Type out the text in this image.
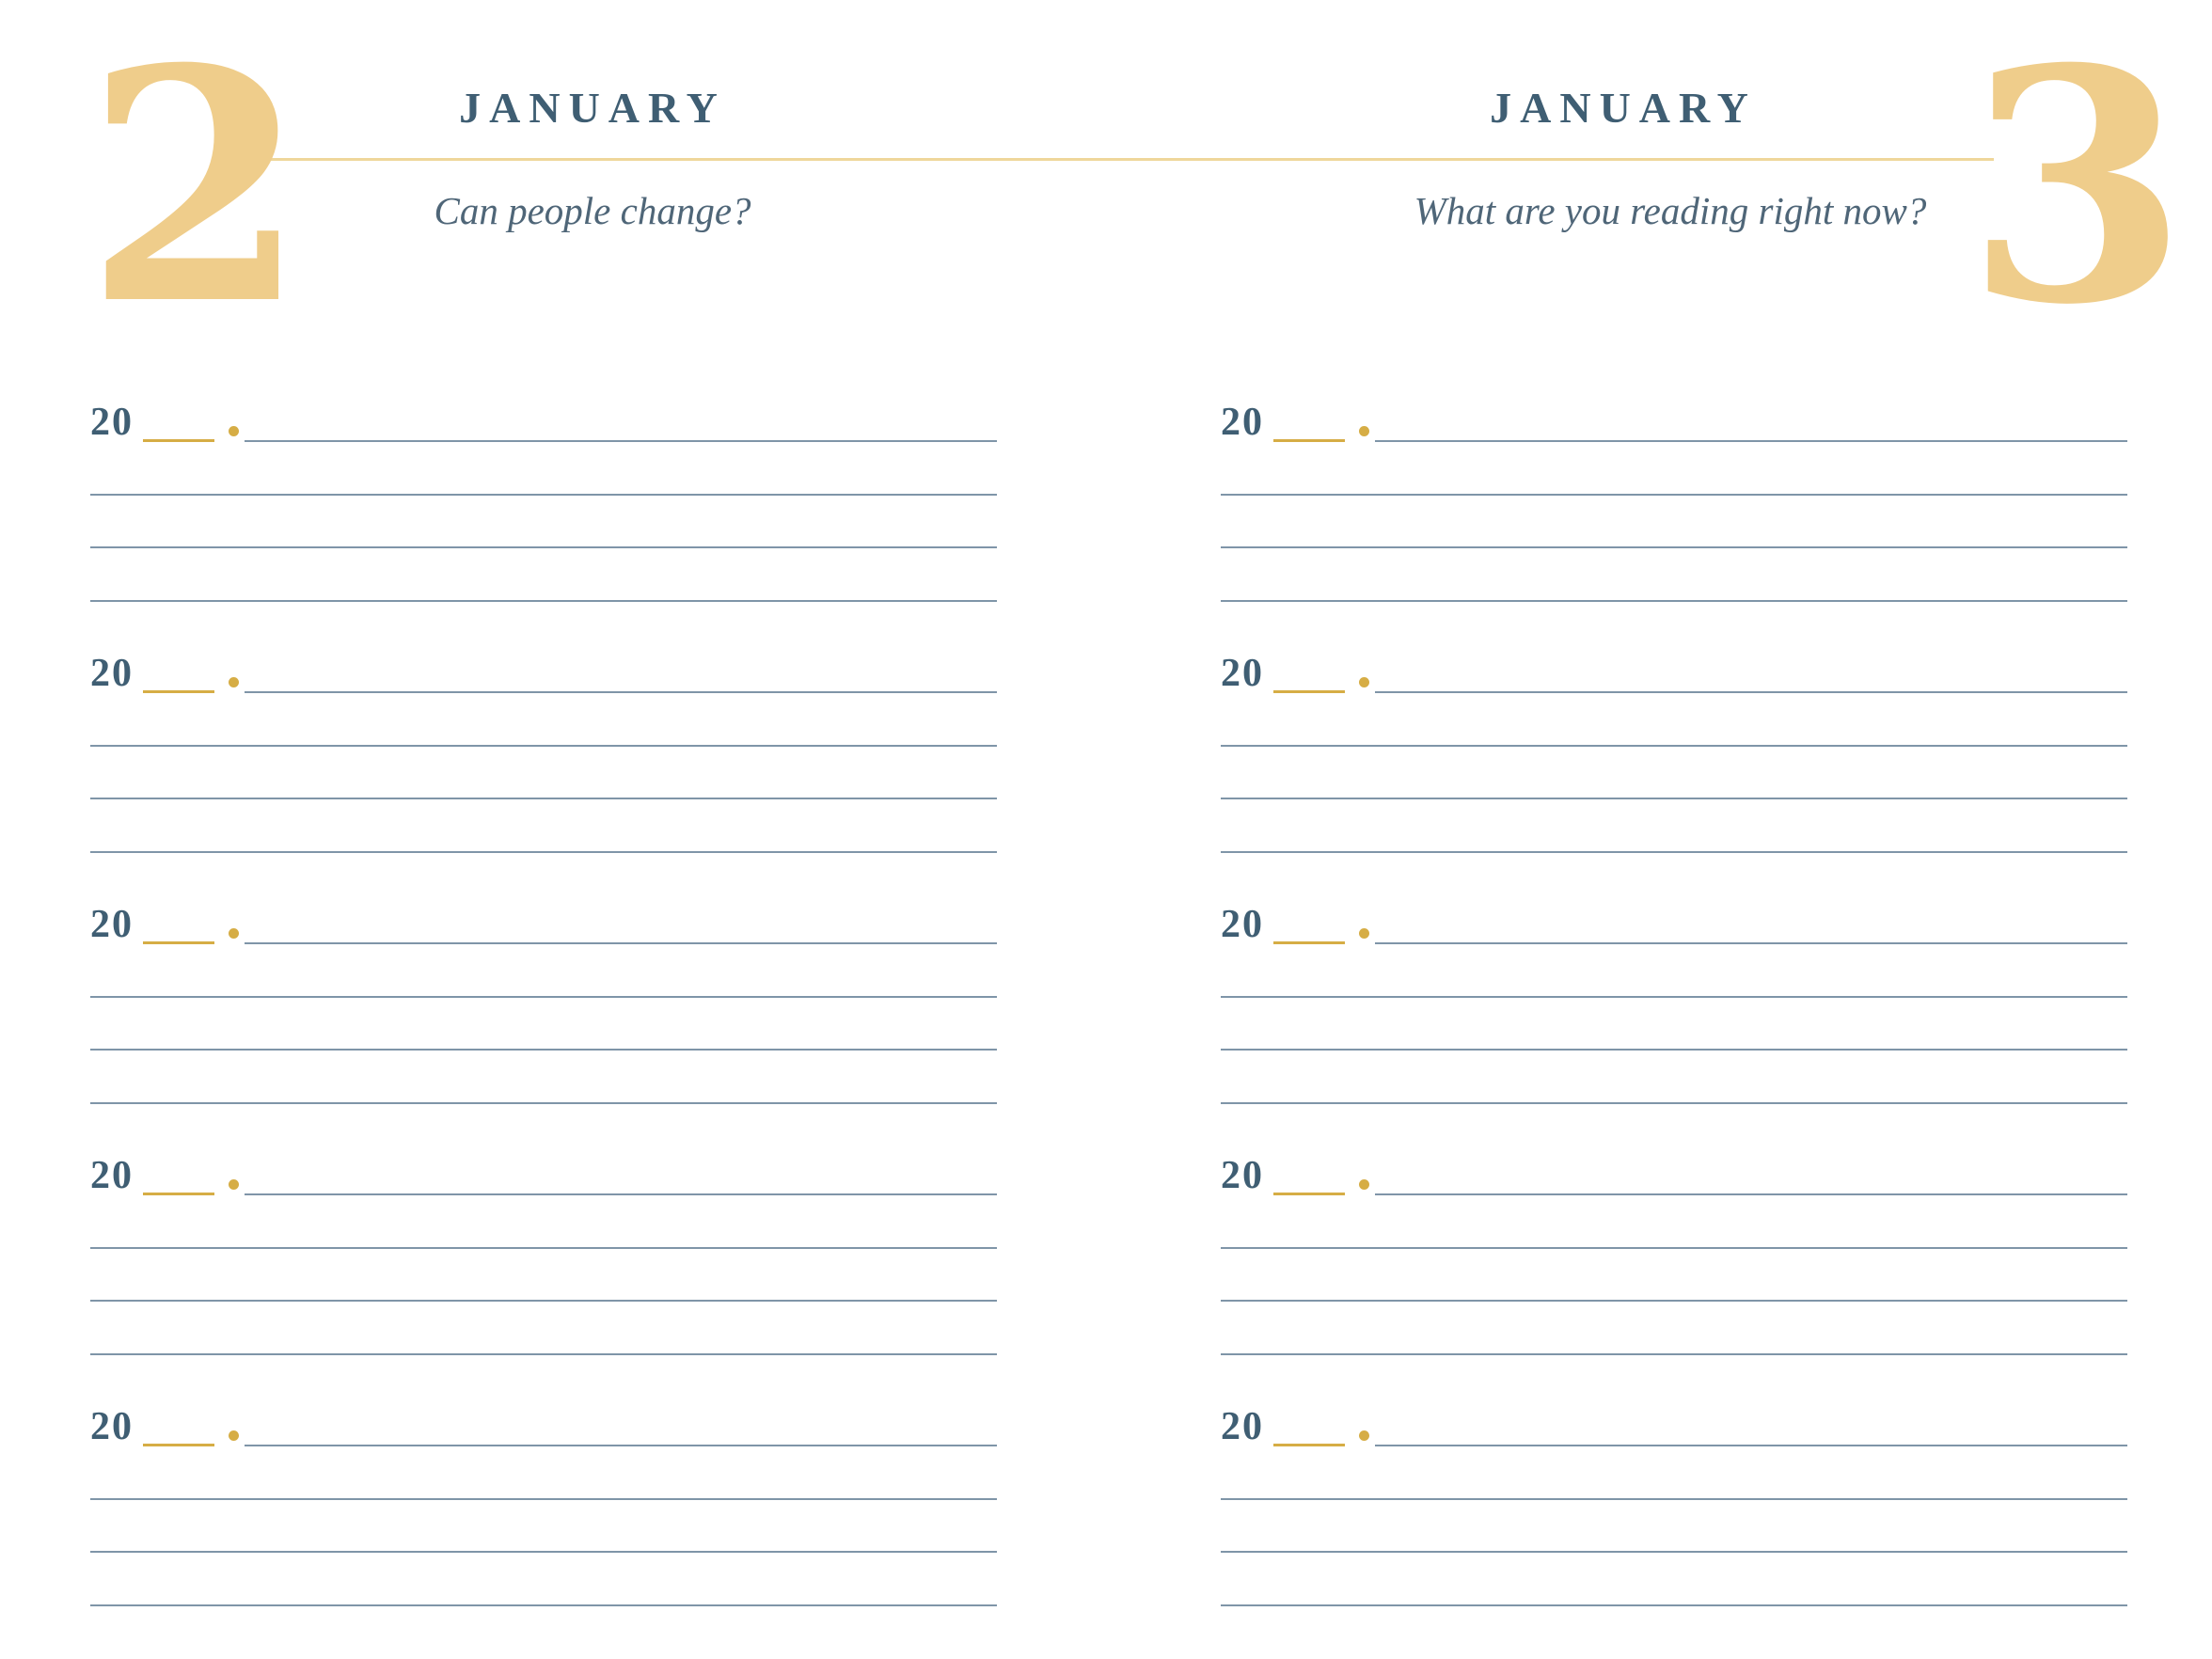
2	JANUARY
Can people change?
20
20
20
20
20
3
JANUARY
What are you reading right now?
20
20
20
20
20
